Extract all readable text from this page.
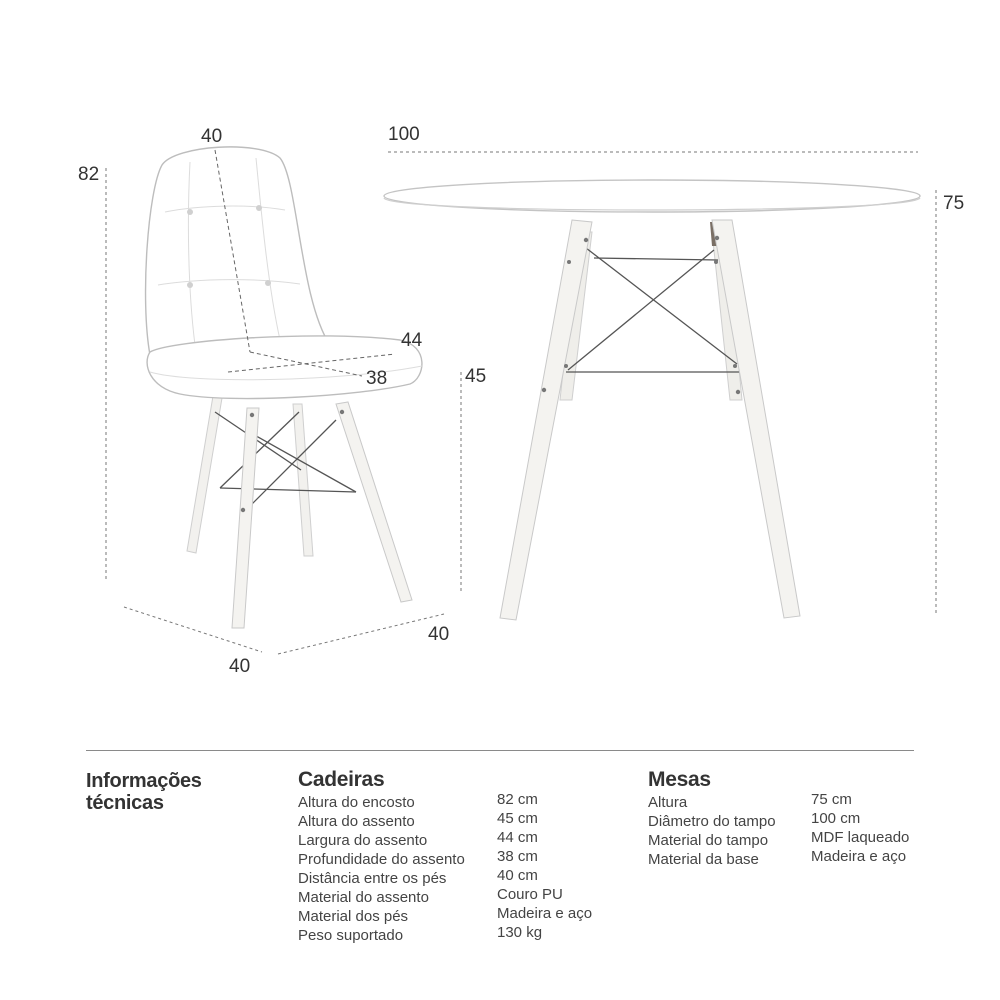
82
40
44
38	45
40
40
100
75
Informações
técnicas
Cadeiras
Altura do encosto	82 cm
Altura do assento	45 cm
Largura do assento	44 cm
Profundidade do assento 38 cm
Distância entre os pés	40 cm
Material do assento	Couro PU
Material dos pés	Madeira e aço
Peso suportado	130 kg
Mesas
Altura	75 cm
Diâmetro do tampo 100 cm
Material do tampo	MDF laqueado
Material da base	Madeira e aço
